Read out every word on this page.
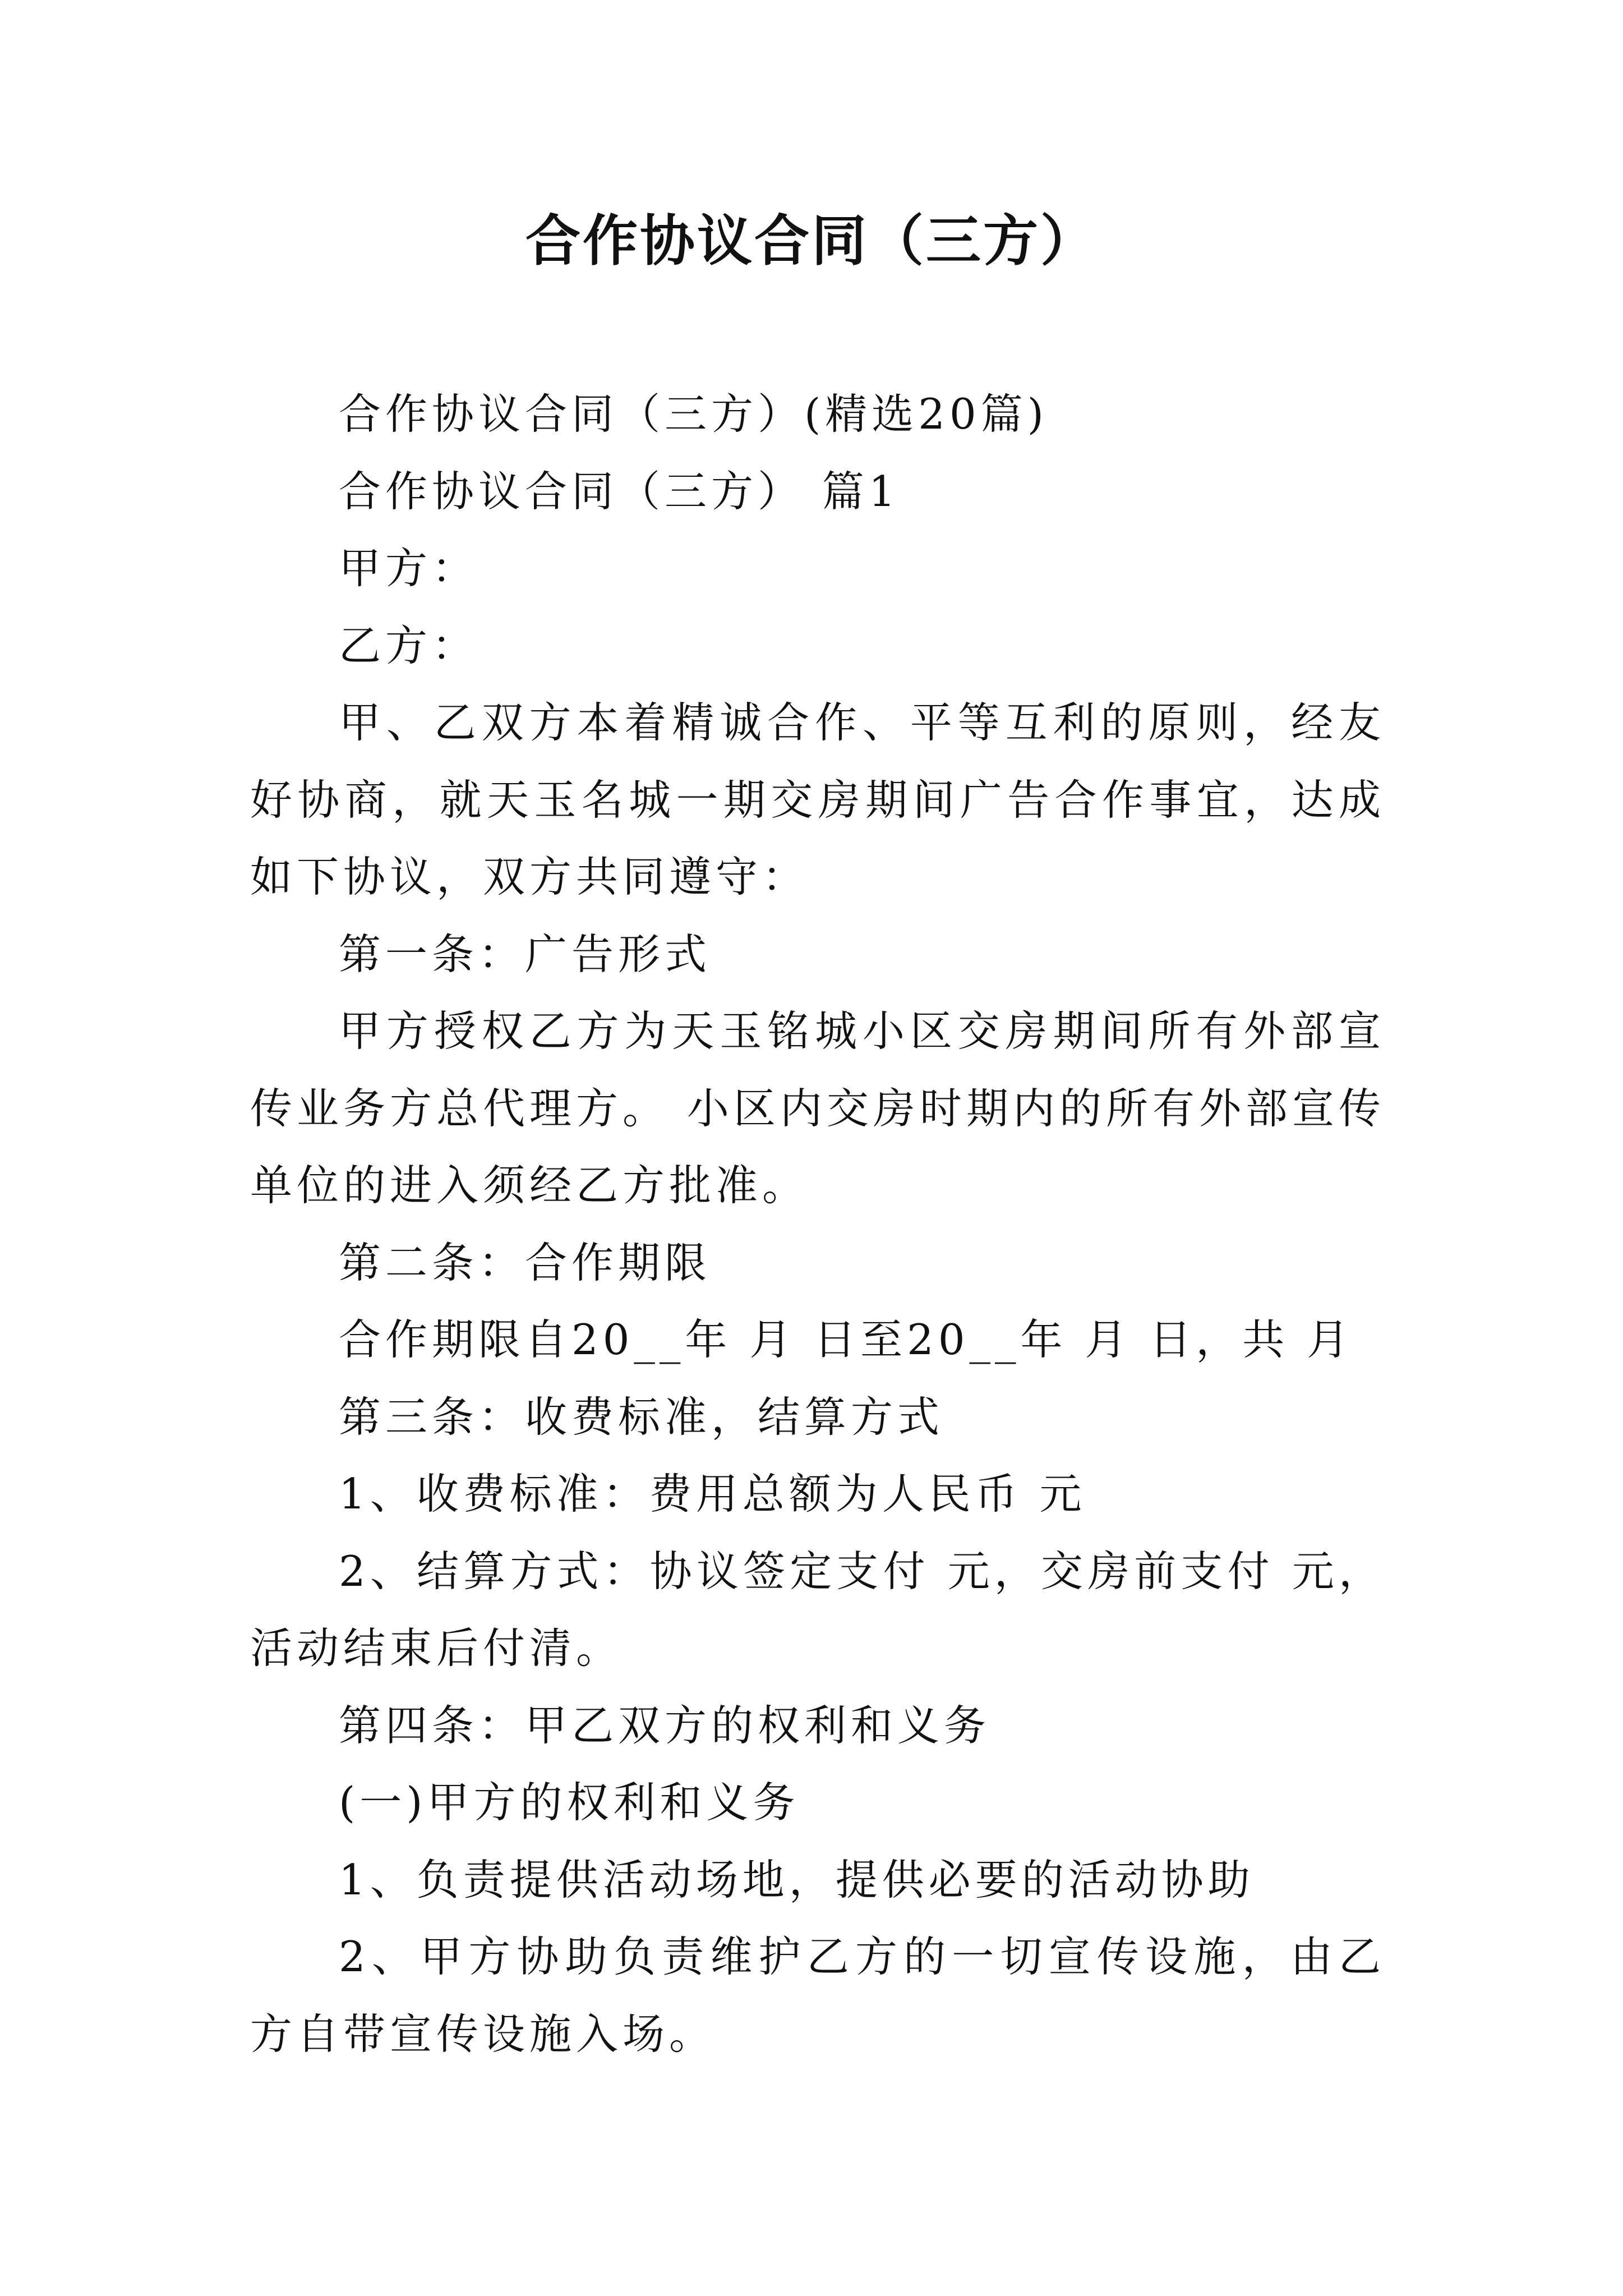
合作协议合同（三方）

合作协议合同（三方）(精选20篇)

合作协议合同（三方） 篇1

甲方：

乙方：

甲、乙双方本着精诚合作、平等互利的原则，经友好协商，就天玉名城一期交房期间广告合作事宜，达成如下协议，双方共同遵守：

第一条：广告形式

甲方授权乙方为天玉铭城小区交房期间所有外部宣传业务方总代理方。 小区内交房时期内的所有外部宣传单位的进入须经乙方批准。

第二条：合作期限

合作期限自20__年 月 日至20__年 月 日，共 月

第三条：收费标准，结算方式

1、收费标准：费用总额为人民币 元

2、结算方式：协议签定支付 元，交房前支付 元，活动结束后付清。

第四条：甲乙双方的权利和义务

(一)甲方的权利和义务

1、负责提供活动场地，提供必要的活动协助

2、甲方协助负责维护乙方的一切宣传设施，由乙方自带宣传设施入场。
